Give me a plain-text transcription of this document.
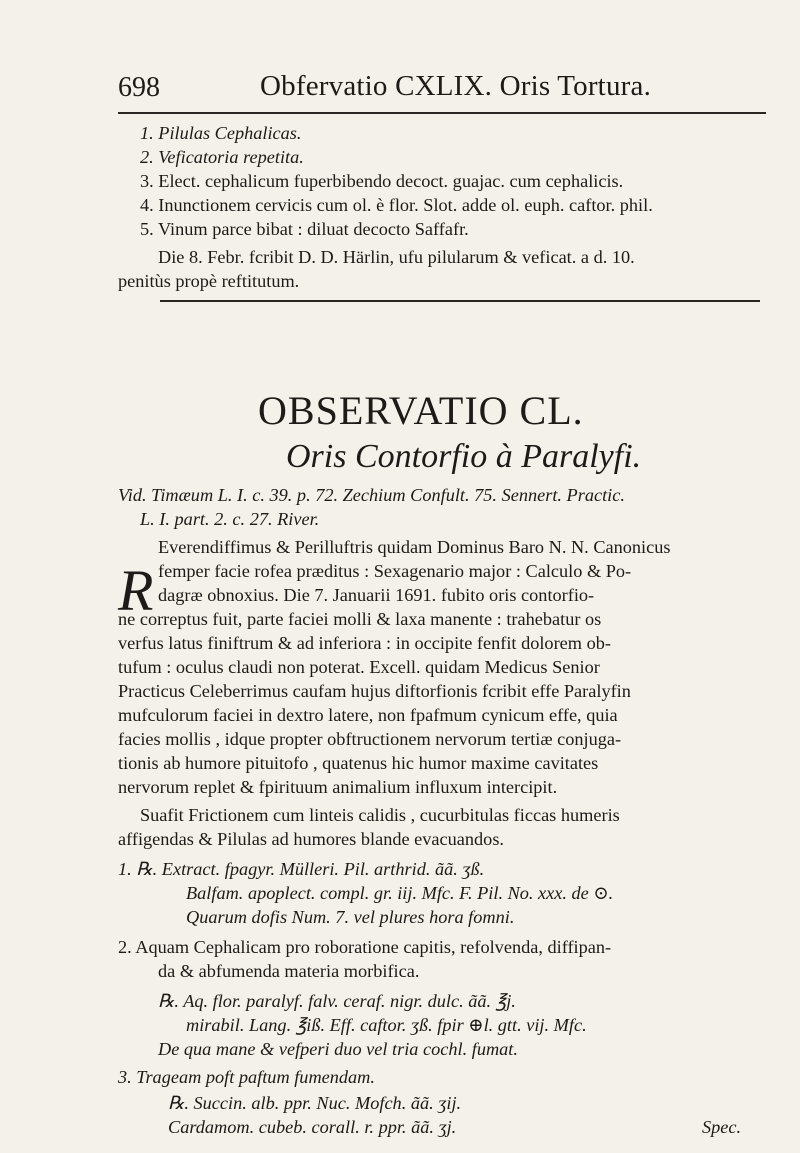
698	Obfervatio CXLIX. Oris Tortura.
1. Pilulas Cephalicas.
2. Veficatoria repetita.
3. Elect. cephalicum fuperbibendo decoct. guajac. cum cephalicis.
4. Inunctionem cervicis cum ol. è flor. Slot. adde ol. euph. caftor. phil.
5. Vinum parce bibat : diluat decocto Saffafr.
Die 8. Febr. fcribit D. D. Härlin, ufu pilularum & veficat. a d. 10.
penitùs propè reftitutum.
OBSERVATIO CL.
Oris Contorfio à Paralyfi.
Vid. Timæum L. I. c. 39. p. 72. Zechium Confult. 75. Sennert. Practic.
L. I. part. 2. c. 27. River.
R
Everendiffimus & Perilluftris quidam Dominus Baro N. N. Canonicus
femper facie rofea præditus : Sexagenario major : Calculo & Po-
dagræ obnoxius. Die 7. Januarii 1691. fubito oris contorfio-
ne correptus fuit, parte faciei molli & laxa manente : trahebatur os
verfus latus finiftrum & ad inferiora : in occipite fenfit dolorem ob-
tufum : oculus claudi non poterat. Excell. quidam Medicus Senior
Practicus Celeberrimus caufam hujus diftorfionis fcribit effe Paralyfin
mufculorum faciei in dextro latere, non fpafmum cynicum effe, quia
facies mollis , idque propter obftructionem nervorum tertiæ conjuga-
tionis ab humore pituitofo , quatenus hic humor maxime cavitates
nervorum replet & fpirituum animalium influxum intercipit.
Suafit Frictionem cum linteis calidis , cucurbitulas ficcas humeris
affigendas & Pilulas ad humores blande evacuandos.
1. ℞. Extract. fpagyr. Mülleri. Pil. arthrid. ãã. ʒß.
Balfam. apoplect. compl. gr. iij. Mfc. F. Pil. No. xxx. de ⊙.
Quarum dofis Num. 7. vel plures hora fomni.
2. Aquam Cephalicam pro roboratione capitis, refolvenda, diffipan-
da & abfumenda materia morbifica.
℞. Aq. flor. paralyf. falv. ceraf. nigr. dulc. ãã. ℥j.
mirabil. Lang. ℥iß. Eff. caftor. ʒß. fpir ⊕l. gtt. vij. Mfc.
De qua mane & vefperi duo vel tria cochl. fumat.
3. Trageam poft paftum fumendam.
℞. Succin. alb. ppr. Nuc. Mofch. ãã. ʒij.
Cardamom. cubeb. corall. r. ppr. ãã. ʒj.	Spec.
